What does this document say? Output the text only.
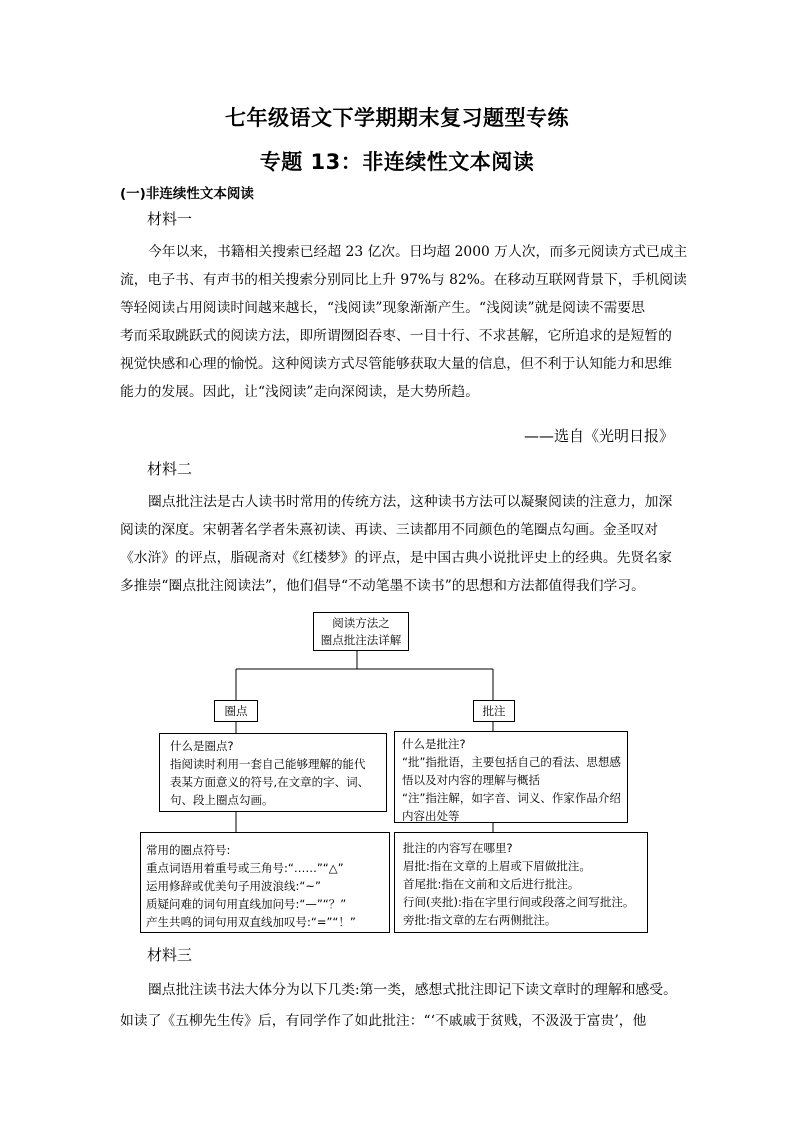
七年级语文下学期期末复习题型专练
专题 13：非连续性文本阅读
(一)非连续性文本阅读
材料一
今年以来，书籍相关搜索已经超 23 亿次。日均超 2000 万人次，而多元阅读方式已成主
流，电子书、有声书的相关搜索分别同比上升 97%与 82%。在移动互联网背景下，手机阅读
等轻阅读占用阅读时间越来越长，“浅阅读”现象渐渐产生。“浅阅读”就是阅读不需要思
考而采取跳跃式的阅读方法，即所谓囫囵吞枣、一目十行、不求甚解，它所追求的是短暂的
视觉快感和心理的愉悦。这种阅读方式尽管能够获取大量的信息，但不利于认知能力和思维
能力的发展。因此，让“浅阅读”走向深阅读，是大势所趋。
——选自《光明日报》
材料二
圈点批注法是古人读书时常用的传统方法，这种读书方法可以凝聚阅读的注意力，加深
阅读的深度。宋朝著名学者朱熹初读、再读、三读都用不同颜色的笔圈点勾画。金圣叹对
《水浒》的评点，脂砚斋对《红楼梦》的评点，是中国古典小说批评史上的经典。先贤名家
多推崇“圈点批注阅读法”，他们倡导“不动笔墨不读书”的思想和方法都值得我们学习。
阅读方法之
圈点批注法详解
圈点	批注
什么是圈点?
指阅读时利用一套自己能够理解的能代
表某方面意义的符号,在文章的字、词、
句、段上圈点勾画。
什么是批注?
“批”指批语，主要包括自己的看法、思想感
悟以及对内容的理解与概括
“注”指注解，如字音、词义、作家作品介绍
内容出处等
常用的圈点符号:
重点词语用着重号或三角号:“……”“△”
运用修辞或优美句子用波浪线:“~”
质疑问难的词句用直线加问号:“—”“？”
产生共鸣的词句用双直线加叹号:“=”“！”
批注的内容写在哪里?
眉批:指在文章的上眉或下眉做批注。
首尾批:指在文前和文后进行批注。
行间(夹批):指在字里行间或段落之间写批注。
旁批:指文章的左右两侧批注。
材料三
圈点批注读书法大体分为以下几类:第一类，感想式批注即记下读文章时的理解和感受。
如读了《五柳先生传》后，有同学作了如此批注：“‘不戚戚于贫贱，不汲汲于富贵’，他
